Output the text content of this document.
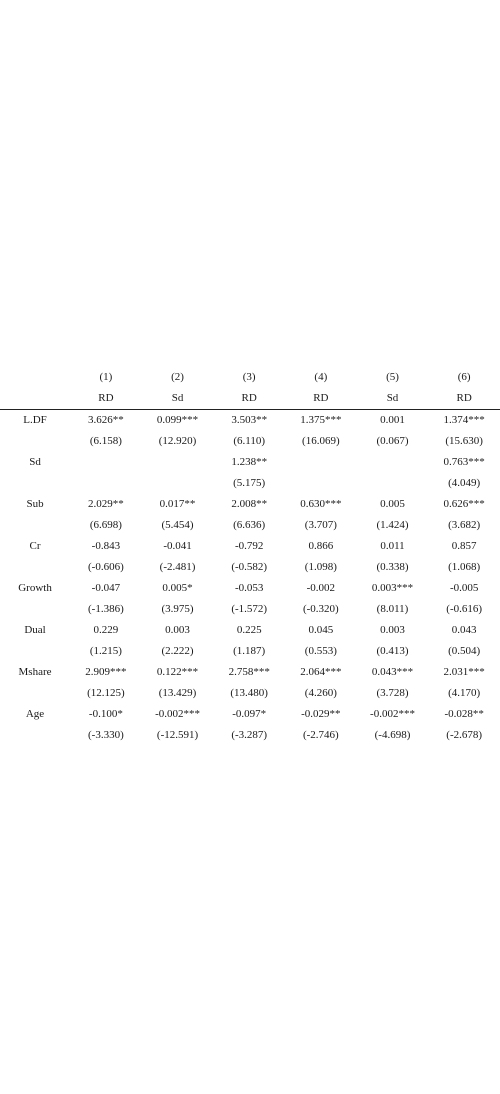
	(1)	(2)	(3)	(4)	(5)	(6)
	RD	Sd	RD	RD	Sd	RD
L.DF	3.626**	0.099***	3.503**	1.375***	0.001	1.374***
	(6.158)	(12.920)	(6.110)	(16.069)	(0.067)	(15.630)
Sd			1.238**			0.763***
			(5.175)			(4.049)
Sub	2.029**	0.017**	2.008**	0.630***	0.005	0.626***
	(6.698)	(5.454)	(6.636)	(3.707)	(1.424)	(3.682)
Cr	-0.843	-0.041	-0.792	0.866	0.011	0.857
	(-0.606)	(-2.481)	(-0.582)	(1.098)	(0.338)	(1.068)
Growth	-0.047	0.005*	-0.053	-0.002	0.003***	-0.005
	(-1.386)	(3.975)	(-1.572)	(-0.320)	(8.011)	(-0.616)
Dual	0.229	0.003	0.225	0.045	0.003	0.043
	(1.215)	(2.222)	(1.187)	(0.553)	(0.413)	(0.504)
Mshare	2.909***	0.122***	2.758***	2.064***	0.043***	2.031***
	(12.125)	(13.429)	(13.480)	(4.260)	(3.728)	(4.170)
Age	-0.100*	-0.002***	-0.097*	-0.029**	-0.002***	-0.028**
	(-3.330)	(-12.591)	(-3.287)	(-2.746)	(-4.698)	(-2.678)
